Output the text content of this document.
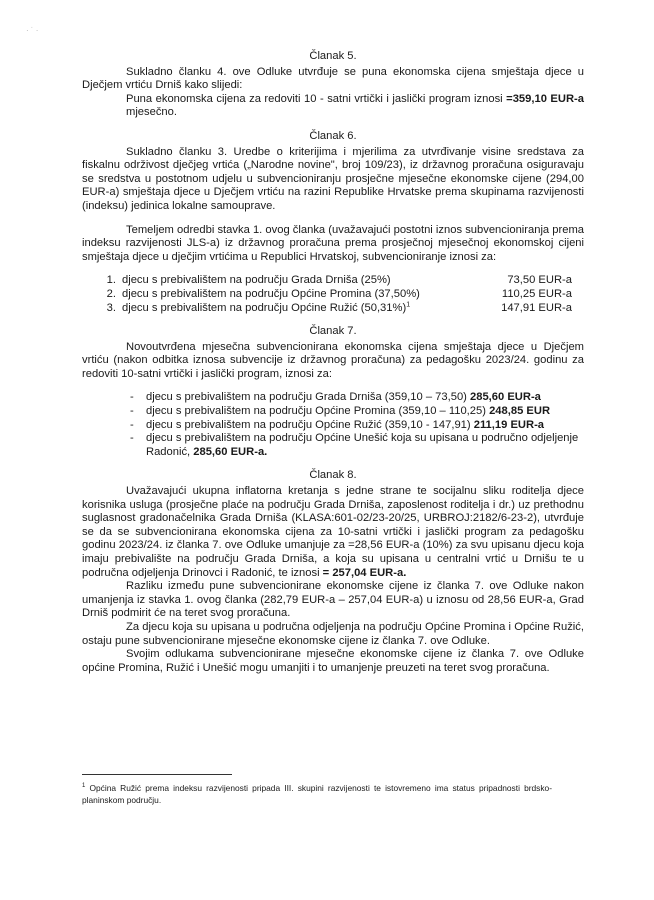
· ˙ ·

Članak 5.

Sukladno članku 4. ove Odluke utvrđuje se puna ekonomska cijena smještaja djece u Dječjem vrtiću Drniš kako slijedi:

Puna ekonomska cijena za redoviti 10 - satni vrtički i jaslički program iznosi =359,10 EUR-a mjesečno.

Članak 6.

Sukladno članku 3. Uredbe o kriterijima i mjerilima za utvrđivanje visine sredstava za fiskalnu održivost dječjeg vrtića („Narodne novine", broj 109/23), iz državnog proračuna osiguravaju se sredstva u postotnom udjelu u subvencioniranju prosječne mjesečne ekonomske cijene (294,00 EUR-a) smještaja djece u Dječjem vrtiću na razini Republike Hrvatske prema skupinama razvijenosti (indeksu) jedinica lokalne samouprave.

Temeljem odredbi stavka 1. ovog članka (uvažavajući postotni iznos subvencioniranja prema indeksu razvijenosti JLS-a) iz državnog proračuna prema prosječnoj mjesečnoj ekonomskoj cijeni smještaja djece u dječjim vrtićima u Republici Hrvatskoj, subvencioniranje iznosi za:

1. djecu s prebivalištem na području Grada Drniša (25%)	73,50 EUR-a
2. djecu s prebivalištem na području Općine Promina (37,50%)	110,25 EUR-a
3. djecu s prebivalištem na području Općine Ružić $(50,31\%)^1$	147,91 EUR-a

Članak 7.

Novoutvrđena mjesečna subvencionirana ekonomska cijena smještaja djece u Dječjem vrtiću (nakon odbitka iznosa subvencije iz državnog proračuna) za pedagošku 2023/24. godinu za redoviti 10-satni vrtički i jaslički program, iznosi za:

- djecu s prebivalištem na području Grada Drniša (359,10 – 73,50) 285,60 EUR-a
- djecu s prebivalištem na području Općine Promina (359,10 – 110,25) 248,85 EUR
- djecu s prebivalištem na području Općine Ružić (359,10 - 147,91) 211,19 EUR-a
- djecu s prebivalištem na području Općine Unešić koja su upisana u područno odjeljenje Radonić, 285,60 EUR-a.

Članak 8.

Uvažavajući ukupna inflatorna kretanja s jedne strane te socijalnu sliku roditelja djece korisnika usluga (prosječne plaće na području Grada Drniša, zaposlenost roditelja i dr.) uz prethodnu suglasnost gradonačelnika Grada Drniša (KLASA:601-02/23-20/25, URBROJ:2182/6-23-2), utvrđuje se da se subvencionirana ekonomska cijena za 10-satni vrtički i jaslički program za pedagošku godinu 2023/24. iz članka 7. ove Odluke umanjuje za =28,56 EUR-a (10%) za svu upisanu djecu koja imaju prebivalište na području Grada Drniša, a koja su upisana u centralni vrtić u Drnišu te u područna odjeljenja Drinovci i Radonić, te iznosi = 257,04 EUR-a.

Razliku između pune subvencionirane ekonomske cijene iz članka 7. ove Odluke nakon umanjenja iz stavka 1. ovog članka (282,79 EUR-a – 257,04 EUR-a) u iznosu od 28,56 EUR-a, Grad Drniš podmirit će na teret svog proračuna.

Za djecu koja su upisana u područna odjeljenja na području Općine Promina i Općine Ružić, ostaju pune subvencionirane mjesečne ekonomske cijene iz članka 7. ove Odluke.

Svojim odlukama subvencionirane mjesečne ekonomske cijene iz članka 7. ove Odluke općine Promina, Ružić i Unešić mogu umanjiti i to umanjenje preuzeti na teret svog proračuna.

$^1$ Općina Ružić prema indeksu razvijenosti pripada III. skupini razvijenosti te istovremeno ima status pripadnosti brdsko-planinskom području.
